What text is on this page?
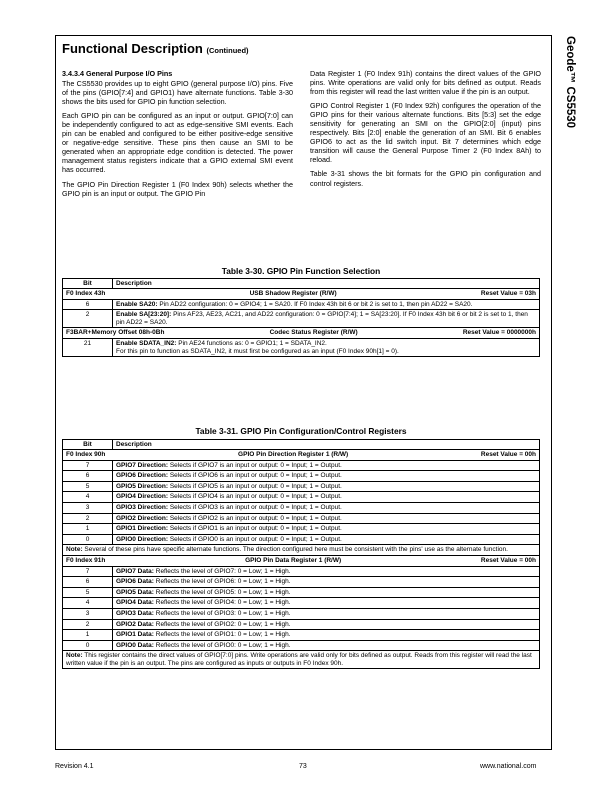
Geode™ CS5530
Functional Description (Continued)

3.4.3.4 General Purpose I/O Pins

The CS5530 provides up to eight GPIO (general purpose I/O) pins. Five of the pins (GPIO[7:4] and GPIO1) have alternate functions. Table 3-30 shows the bits used for GPIO pin function selection.

Each GPIO pin can be configured as an input or output. GPIO[7:0] can be independently configured to act as edge-sensitive SMI events. Each pin can be enabled and configured to be either positive-edge sensitive or negative-edge sensitive. These pins then cause an SMI to be generated when an appropriate edge condition is detected. The power management status registers indicate that a GPIO external SMI event has occurred.

The GPIO Pin Direction Register 1 (F0 Index 90h) selects whether the GPIO pin is an input or output. The GPIO Pin

Data Register 1 (F0 Index 91h) contains the direct values of the GPIO pins. Write operations are valid only for bits defined as output. Reads from this register will read the last written value if the pin is an output.

GPIO Control Register 1 (F0 Index 92h) configures the operation of the GPIO pins for their various alternate functions. Bits [5:3] set the edge sensitivity for generating an SMI on the GPIO[2:0] (input) pins respectively. Bits [2:0] enable the generation of an SMI. Bit 6 enables GPIO6 to act as the lid switch input. Bit 7 determines which edge transition will cause the General Purpose Timer 2 (F0 Index 8Ah) to reload.

Table 3-31 shows the bit formats for the GPIO pin configuration and control registers.

Table 3-30. GPIO Pin Function Selection
Bit	Description

F0 Index 43h USB Shadow Register (R/W) Reset Value = 03h	

6	Enable SA20: Pin AD22 configuration: 0 = GPIO4; 1 = SA20. If F0 Index 43h bit 6 or bit 2 is set to 1, then pin AD22 = SA20.
2	Enable SA[23:20]: Pins AF23, AE23, AC21, and AD22 configuration: 0 = GPIO[7:4]; 1 = SA[23:20]. If F0 Index 43h bit 6 or bit 2 is set to 1, then pin AD22 = SA20.

F3BAR+Memory Offset 08h-0Bh Codec Status Register (R/W) Reset Value = 0000000h	

21	Enable SDATA_IN2: Pin AE24 functions as: 0 = GPIO1; 1 = SDATA_IN2.
For this pin to function as SDATA_IN2, it must first be configured as an input (F0 Index 90h[1] = 0).
Table 3-31. GPIO Pin Configuration/Control Registers
Bit	Description

F0 Index 90h GPIO Pin Direction Register 1 (R/W) Reset Value = 00h	

7	GPIO7 Direction: Selects if GPIO7 is an input or output: 0 = Input; 1 = Output.
6	GPIO6 Direction: Selects if GPIO6 is an input or output: 0 = Input; 1 = Output.
5	GPIO5 Direction: Selects if GPIO5 is an input or output: 0 = Input; 1 = Output.
4	GPIO4 Direction: Selects if GPIO4 is an input or output: 0 = Input; 1 = Output.
3	GPIO3 Direction: Selects if GPIO3 is an input or output: 0 = Input; 1 = Output.
2	GPIO2 Direction: Selects if GPIO2 is an input or output: 0 = Input; 1 = Output.
1	GPIO1 Direction: Selects if GPIO1 is an input or output: 0 = Input; 1 = Output.
0	GPIO0 Direction: Selects if GPIO0 is an input or output: 0 = Input; 1 = Output.
Note: Several of these pins have specific alternate functions. The direction configured here must be consistent with the pins' use as the alternate function.	

F0 Index 91h GPIO Pin Data Register 1 (R/W) Reset Value = 00h	

7	GPIO7 Data: Reflects the level of GPIO7: 0 = Low; 1 = High.
6	GPIO6 Data: Reflects the level of GPIO6: 0 = Low; 1 = High.
5	GPIO5 Data: Reflects the level of GPIO5: 0 = Low; 1 = High.
4	GPIO4 Data: Reflects the level of GPIO4: 0 = Low; 1 = High.
3	GPIO3 Data: Reflects the level of GPIO3: 0 = Low; 1 = High.
2	GPIO2 Data: Reflects the level of GPIO2: 0 = Low; 1 = High.
1	GPIO1 Data: Reflects the level of GPIO1: 0 = Low; 1 = High.
0	GPIO0 Data: Reflects the level of GPIO0: 0 = Low; 1 = High.
Note: This register contains the direct values of GPIO[7:0] pins. Write operations are valid only for bits defined as output. Reads from this register will read the last written value if the pin is an output. The pins are configured as inputs or outputs in F0 Index 90h.	
Revision 4.1	73	www.national.com
